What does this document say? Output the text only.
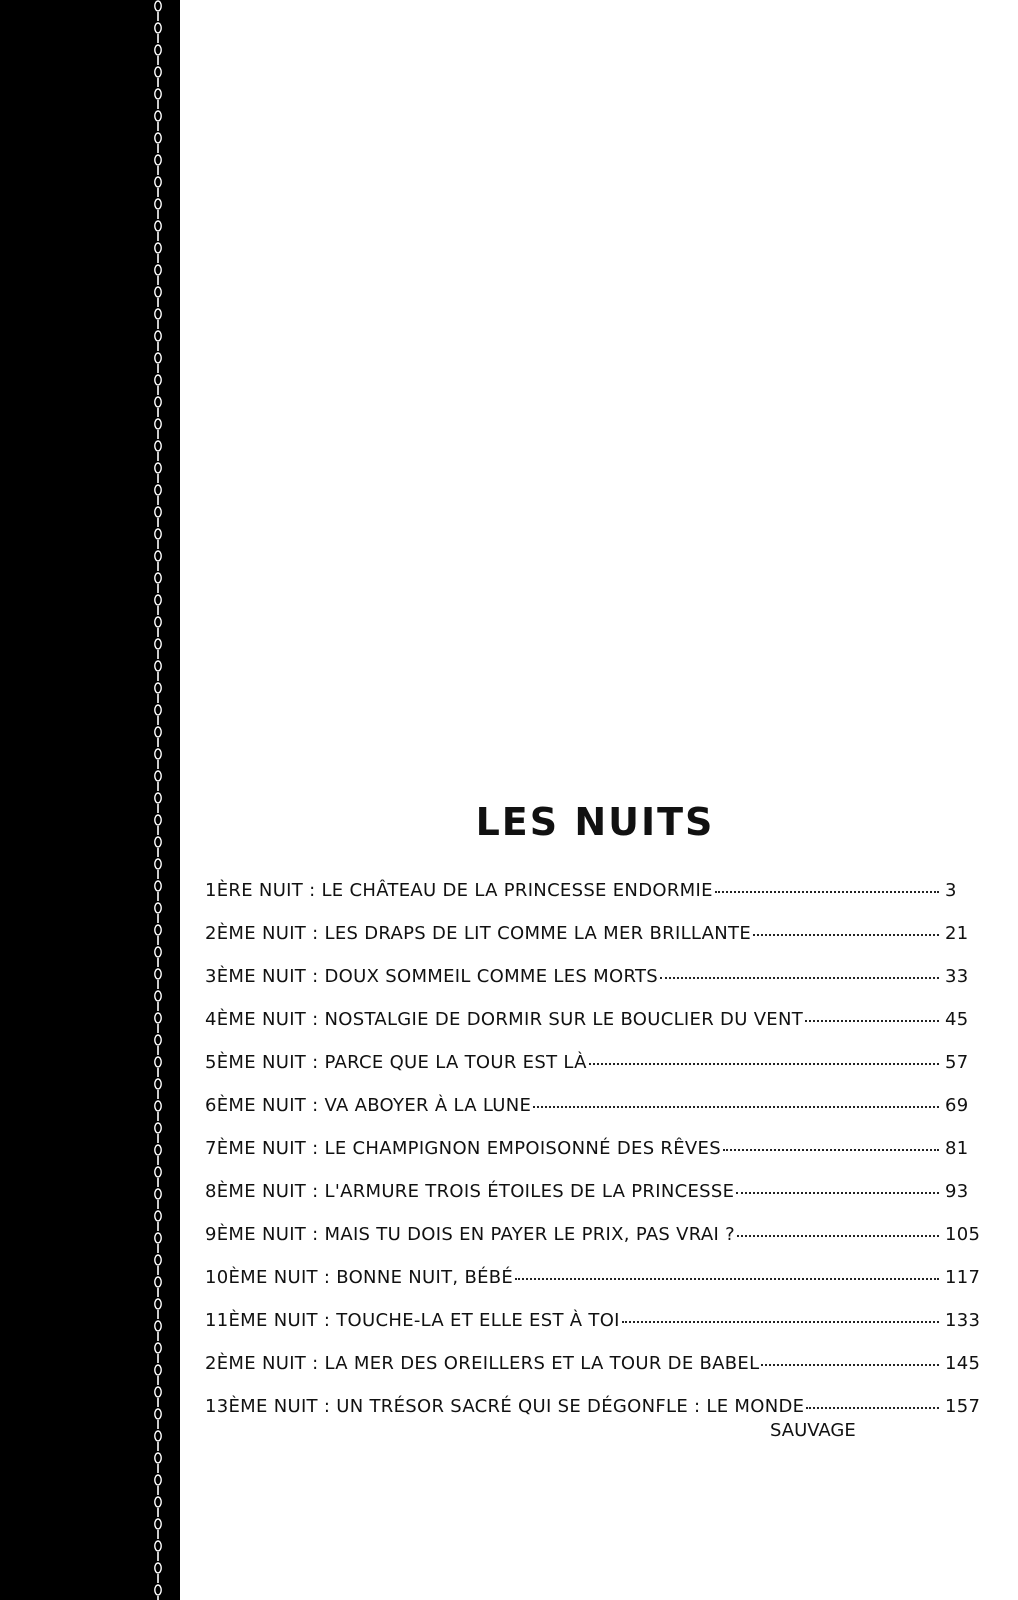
LES NUITS
1ÈRE NUIT : LE CHÂTEAU DE LA PRINCESSE ENDORMIE	3
2ÈME NUIT : LES DRAPS DE LIT COMME LA MER BRILLANTE	21
3ÈME NUIT : DOUX SOMMEIL COMME LES MORTS	33
4ÈME NUIT : NOSTALGIE DE DORMIR SUR LE BOUCLIER DU VENT	45
5ÈME NUIT : PARCE QUE LA TOUR EST LÀ	57
6ÈME NUIT : VA ABOYER À LA LUNE	69
7ÈME NUIT : LE CHAMPIGNON EMPOISONNÉ DES RÊVES	81
8ÈME NUIT : L'ARMURE TROIS ÉTOILES DE LA PRINCESSE	93
9ÈME NUIT : MAIS TU DOIS EN PAYER LE PRIX, PAS VRAI ?	105
10ÈME NUIT : BONNE NUIT, BÉBÉ	117
11ÈME NUIT : TOUCHE-LA ET ELLE EST À TOI	133
2ÈME NUIT : LA MER DES OREILLERS ET LA TOUR DE BABEL	145
13ÈME NUIT : UN TRÉSOR SACRÉ QUI SE DÉGONFLE : LE MONDE	157
SAUVAGE
